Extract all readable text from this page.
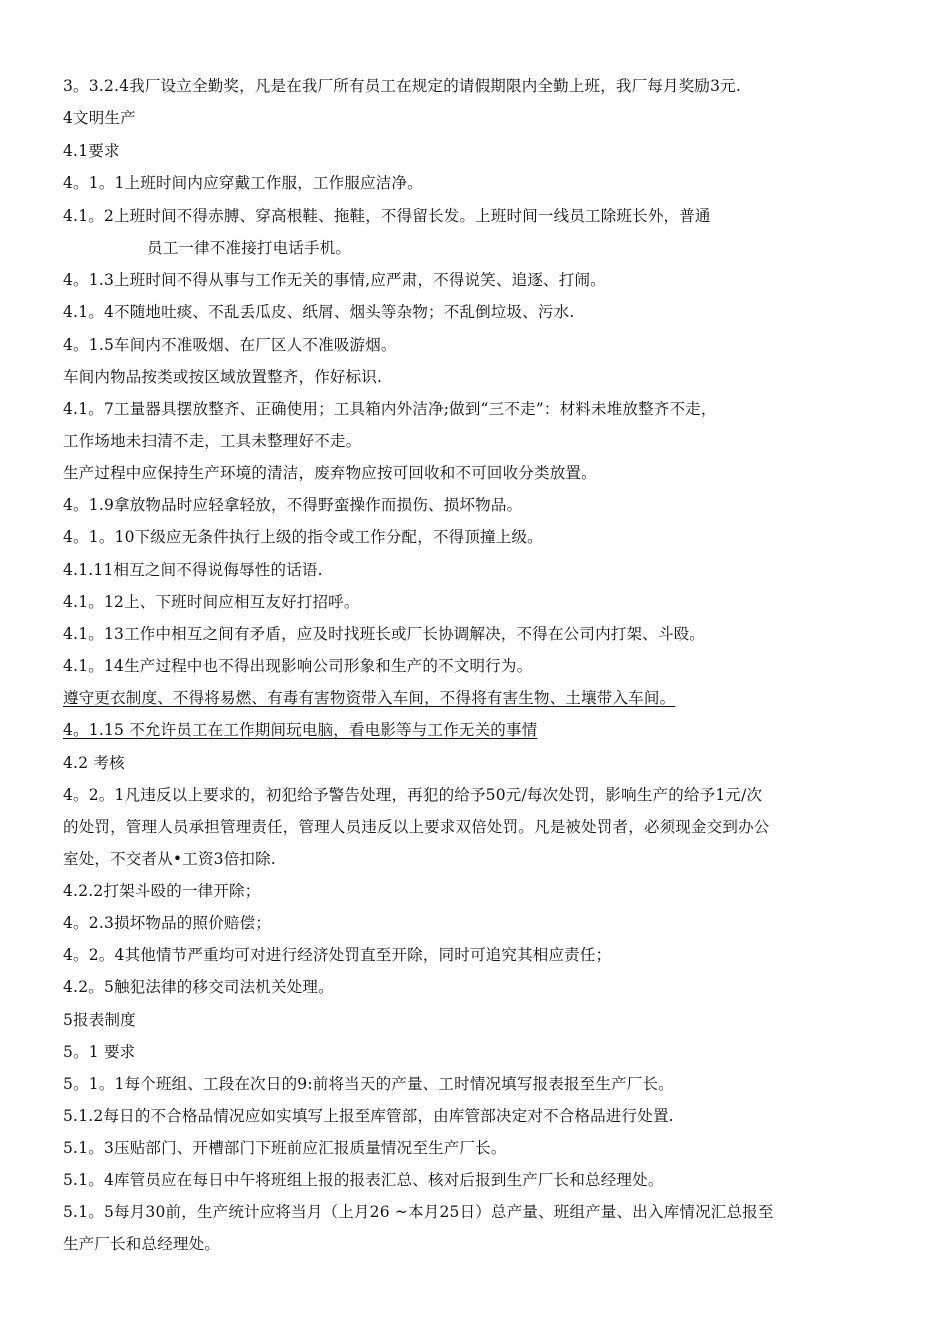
3。3.2.4我厂设立全勤奖，凡是在我厂所有员工在规定的请假期限内全勤上班，我厂每月奖励3元.
4文明生产
4.1要求
4。1。1上班时间内应穿戴工作服，工作服应洁净。
4.1。2上班时间不得赤膊、穿高根鞋、拖鞋，不得留长发。上班时间一线员工除班长外，普通
员工一律不准接打电话手机。
4。1.3上班时间不得从事与工作无关的事情,应严肃，不得说笑、追逐、打闹。
4.1。4不随地吐痰、不乱丢瓜皮、纸屑、烟头等杂物；不乱倒垃圾、污水.
4。1.5车间内不准吸烟、在厂区人不准吸游烟。
车间内物品按类或按区域放置整齐，作好标识.
4.1。7工量器具摆放整齐、正确使用；工具箱内外洁净;做到“三不走”：材料未堆放整齐不走，
工作场地未扫清不走，工具未整理好不走。
生产过程中应保持生产环境的清洁，废弃物应按可回收和不可回收分类放置。
4。1.9拿放物品时应轻拿轻放，不得野蛮操作而损伤、损坏物品。
4。1。10下级应无条件执行上级的指令或工作分配，不得顶撞上级。
4.1.11相互之间不得说侮辱性的话语.
4.1。12上、下班时间应相互友好打招呼。
4.1。13工作中相互之间有矛盾，应及时找班长或厂长协调解决，不得在公司内打架、斗殴。
4.1。14生产过程中也不得出现影响公司形象和生产的不文明行为。
遵守更衣制度、不得将易燃、有毒有害物资带入车间，不得将有害生物、土壤带入车间。
4。1.15 不允许员工在工作期间玩电脑，看电影等与工作无关的事情
4.2 考核
4。2。1凡违反以上要求的，初犯给予警告处理，再犯的给予50元/每次处罚，影响生产的给予1元/次
的处罚，管理人员承担管理责任，管理人员违反以上要求双倍处罚。凡是被处罚者，必须现金交到办公
室处，不交者从•工资3倍扣除.
4.2.2打架斗殴的一律开除；
4。2.3损坏物品的照价赔偿；
4。2。4其他情节严重均可对进行经济处罚直至开除，同时可追究其相应责任；
4.2。5触犯法律的移交司法机关处理。
5报表制度
5。1 要求
5。1。1每个班组、工段在次日的9:前将当天的产量、工时情况填写报表报至生产厂长。
5.1.2每日的不合格品情况应如实填写上报至库管部，由库管部决定对不合格品进行处置.
5.1。3压贴部门、开槽部门下班前应汇报质量情况至生产厂长。
5.1。4库管员应在每日中午将班组上报的报表汇总、核对后报到生产厂长和总经理处。
5.1。5每月30前，生产统计应将当月（上月26 ~本月25日）总产量、班组产量、出入库情况汇总报至
生产厂长和总经理处。
